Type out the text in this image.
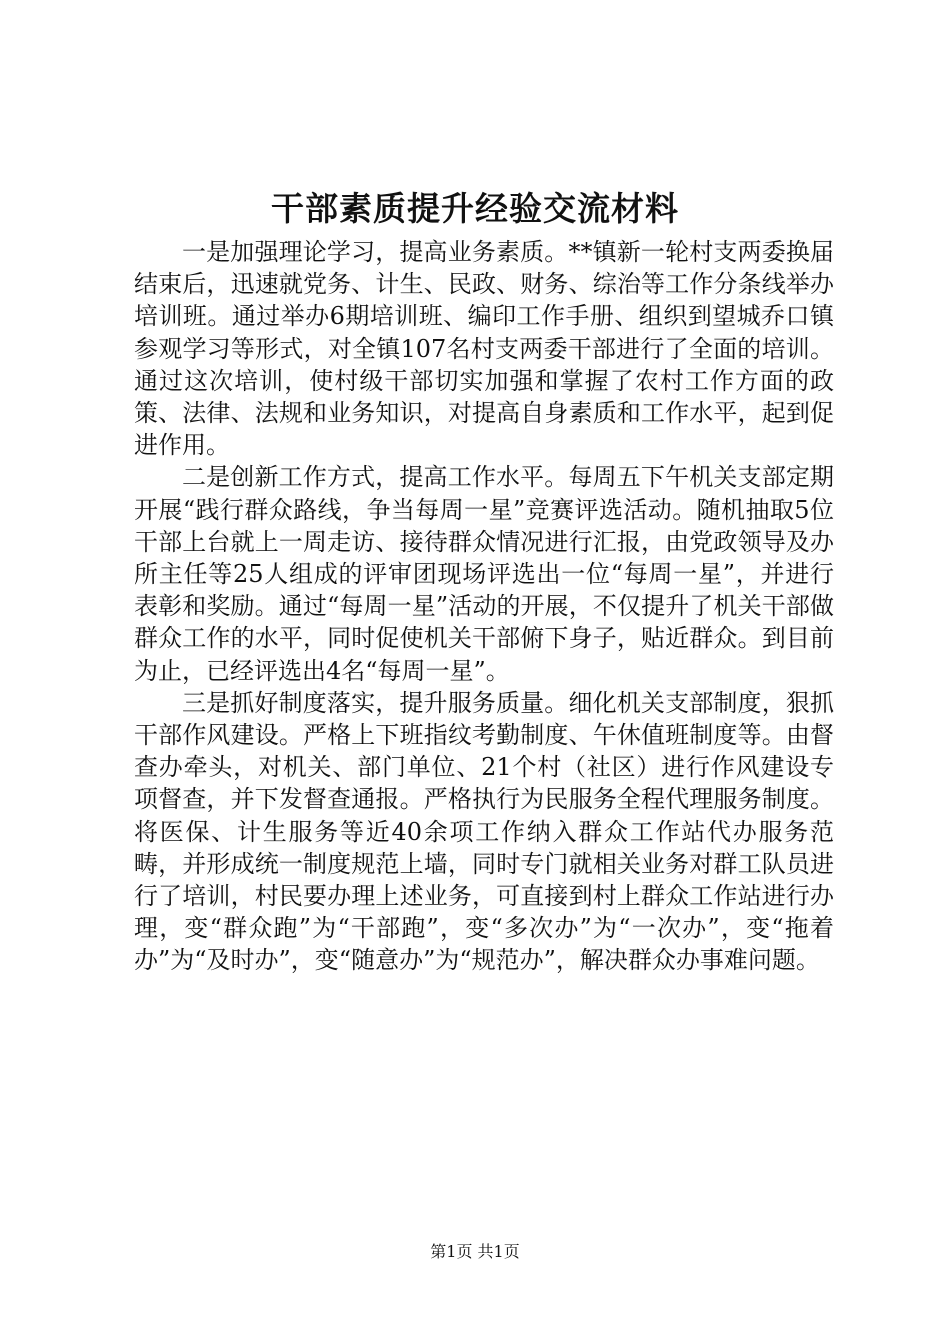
干部素质提升经验交流材料

一是加强理论学习，提高业务素质。**镇新一轮村支两委换届结束后，迅速就党务、计生、民政、财务、综治等工作分条线举办培训班。通过举办6期培训班、编印工作手册、组织到望城乔口镇参观学习等形式，对全镇107名村支两委干部进行了全面的培训。通过这次培训，使村级干部切实加强和掌握了农村工作方面的政策、法律、法规和业务知识，对提高自身素质和工作水平，起到促进作用。

二是创新工作方式，提高工作水平。每周五下午机关支部定期开展“践行群众路线，争当每周一星”竞赛评选活动。随机抽取5位干部上台就上一周走访、接待群众情况进行汇报，由党政领导及办所主任等25人组成的评审团现场评选出一位“每周一星”，并进行表彰和奖励。通过“每周一星”活动的开展，不仅提升了机关干部做群众工作的水平，同时促使机关干部俯下身子，贴近群众。到目前为止，已经评选出4名“每周一星”。

三是抓好制度落实，提升服务质量。细化机关支部制度，狠抓干部作风建设。严格上下班指纹考勤制度、午休值班制度等。由督查办牵头，对机关、部门单位、21个村（社区）进行作风建设专项督查，并下发督查通报。严格执行为民服务全程代理服务制度。将医保、计生服务等近40余项工作纳入群众工作站代办服务范畴，并形成统一制度规范上墙，同时专门就相关业务对群工队员进行了培训，村民要办理上述业务，可直接到村上群众工作站进行办理，变“群众跑”为“干部跑”，变“多次办”为“一次办”，变“拖着办”为“及时办”，变“随意办”为“规范办”，解决群众办事难问题。

第1页 共1页
